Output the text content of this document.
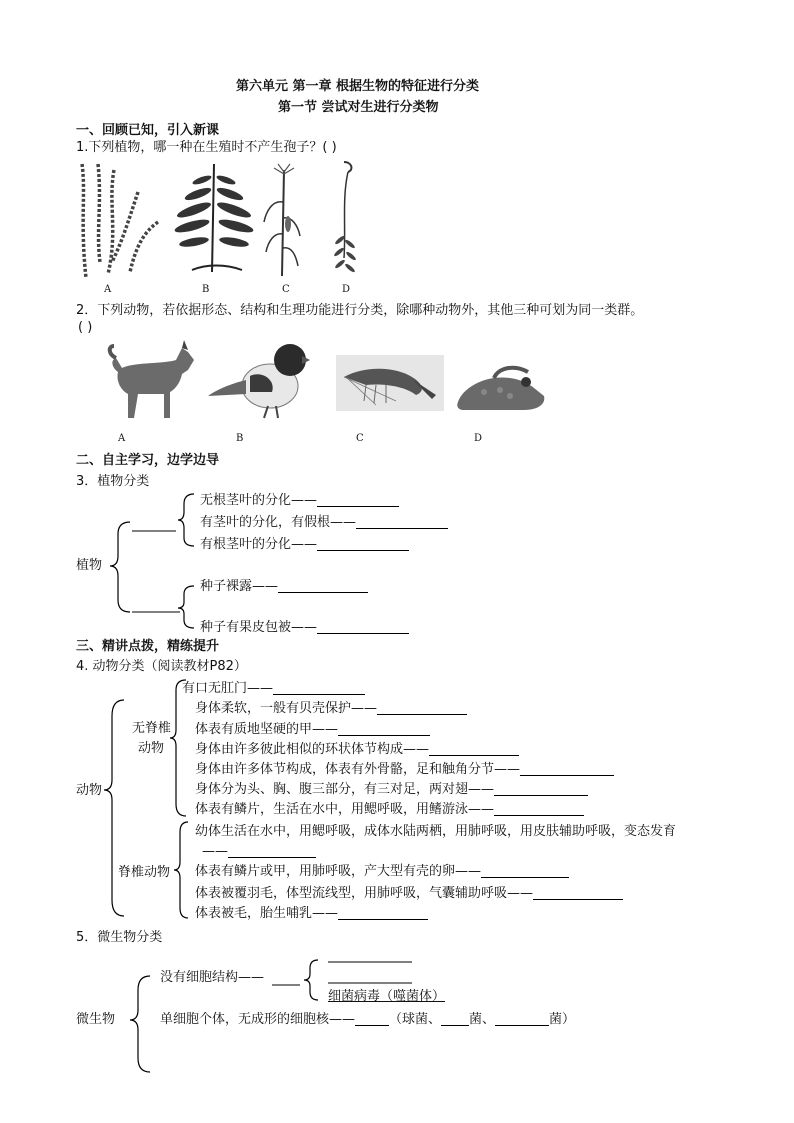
第六单元 第一章 根据生物的特征进行分类
第一节 尝试对生进行分类物
一、回顾已知，引入新课
1.下列植物，哪一种在生殖时不产生孢子？( )
A	B	C	D
2．下列动物，若依据形态、结构和生理功能进行分类，除哪种动物外，其他三种可划为同一类群。
( )
A	B	C	D
二、自主学习，边学边导
3．植物分类
植物
无根茎叶的分化——
有茎叶的分化，有假根——
有根茎叶的分化——
种子裸露——
种子有果皮包被——
三、精讲点拨，精练提升
4. 动物分类（阅读教材P82）
动物
无脊椎
动物
脊椎动物
有口无肛门——
身体柔软，一般有贝壳保护——
体表有质地坚硬的甲——
身体由许多彼此相似的环状体节构成——
身体由许多体节构成，体表有外骨骼，足和触角分节——
身体分为头、胸、腹三部分，有三对足，两对翅——
体表有鳞片，生活在水中，用鳃呼吸，用鳍游泳——
幼体生活在水中，用鳃呼吸，成体水陆两栖，用肺呼吸，用皮肤辅助呼吸，变态发育
——
体表有鳞片或甲，用肺呼吸，产大型有壳的卵——
体表被覆羽毛，体型流线型，用肺呼吸，气囊辅助呼吸——
体表被毛，胎生哺乳——
5．微生物分类
微生物
没有细胞结构——
细菌病毒（噬菌体）
单细胞个体，无成形的细胞核——	（球菌、 菌、	菌）
